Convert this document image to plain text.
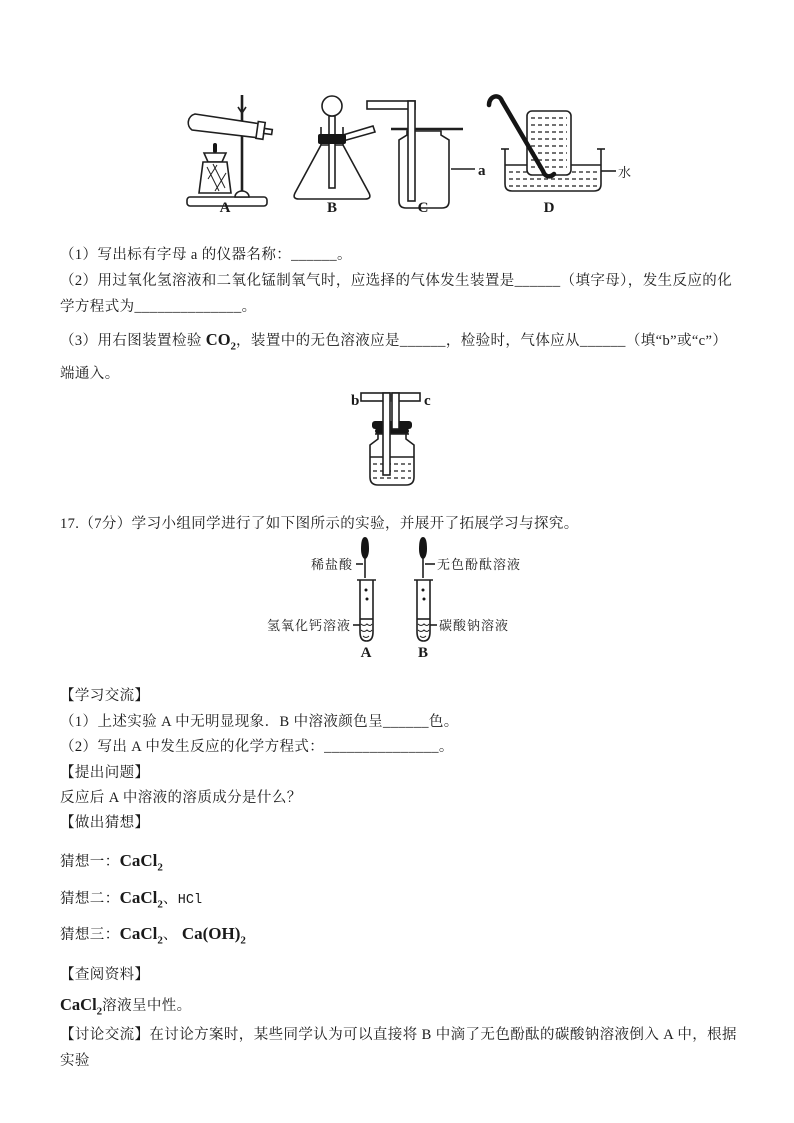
A	B
a
C
水
D

（1）写出标有字母 a 的仪器名称：______。

（2）用过氧化氢溶液和二氧化锰制氧气时，应选择的气体发生装置是______（填字母），发生反应的化学方程式为______________。

（3）用右图装置检验 $CO_2$，装置中的无色溶液应是______，检验时，气体应从______（填“b”或“c”）端通入。

b	c

17.（7分）学习小组同学进行了如下图所示的实验，并展开了拓展学习与探究。

稀盐酸
氢氧化钙溶液
A
无色酚酞溶液
碳酸钠溶液
B

【学习交流】

（1）上述实验 A 中无明显现象．B 中溶液颜色呈______色。

（2）写出 A 中发生反应的化学方程式：_______________。

【提出问题】

反应后 A 中溶液的溶质成分是什么？

【做出猜想】

猜想一：CaCl$_2$

猜想二：CaCl$_2$、HCl

猜想三：CaCl$_2$、 $Ca(OH)_2$

【查阅资料】

CaCl$_2$溶液呈中性。

【讨论交流】在讨论方案时，某些同学认为可以直接将 B 中滴了无色酚酞的碳酸钠溶液倒入 A 中，根据实验
